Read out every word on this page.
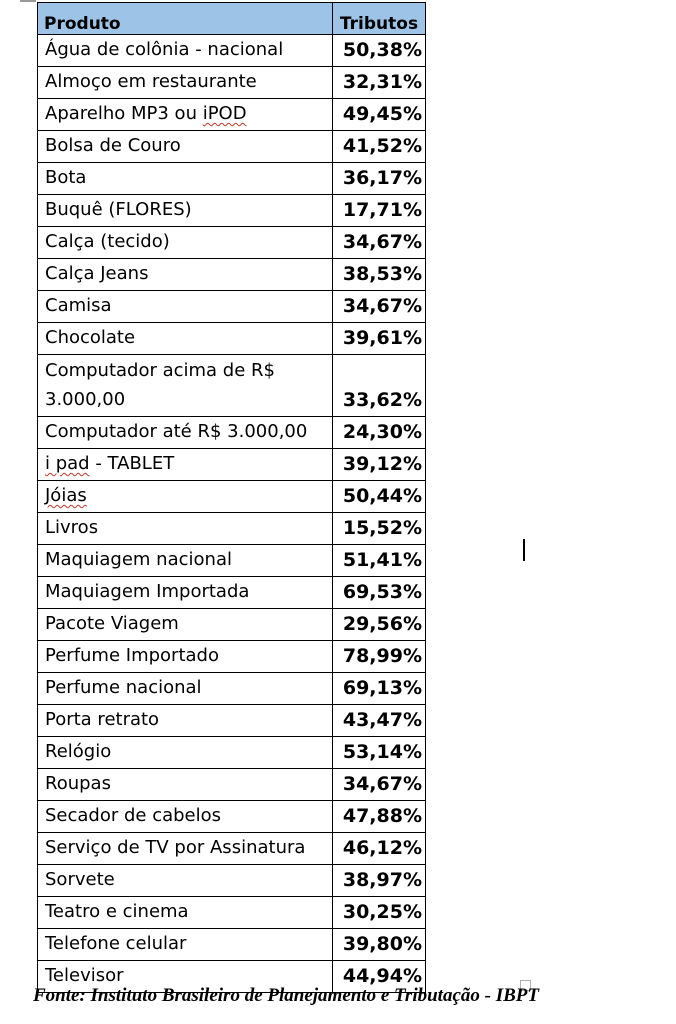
Produto	Tributos
Água de colônia - nacional	50,38%
Almoço em restaurante	32,31%
Aparelho MP3 ou iPOD	49,45%
Bolsa de Couro	41,52%
Bota	36,17%
Buquê (FLORES)	17,71%
Calça (tecido)	34,67%
Calça Jeans	38,53%
Camisa	34,67%
Chocolate	39,61%
Computador acima de R$ 3.000,00	33,62%
Computador até R$ 3.000,00	24,30%
i pad - TABLET	39,12%
Jóias	50,44%
Livros	15,52%
Maquiagem nacional	51,41%
Maquiagem Importada	69,53%
Pacote Viagem	29,56%
Perfume Importado	78,99%
Perfume nacional	69,13%
Porta retrato	43,47%
Relógio	53,14%
Roupas	34,67%
Secador de cabelos	47,88%
Serviço de TV por Assinatura	46,12%
Sorvete	38,97%
Teatro e cinema	30,25%
Telefone celular	39,80%
Televisor	44,94%
Fonte: Instituto Brasileiro de Planejamento e Tributação - IBPT
